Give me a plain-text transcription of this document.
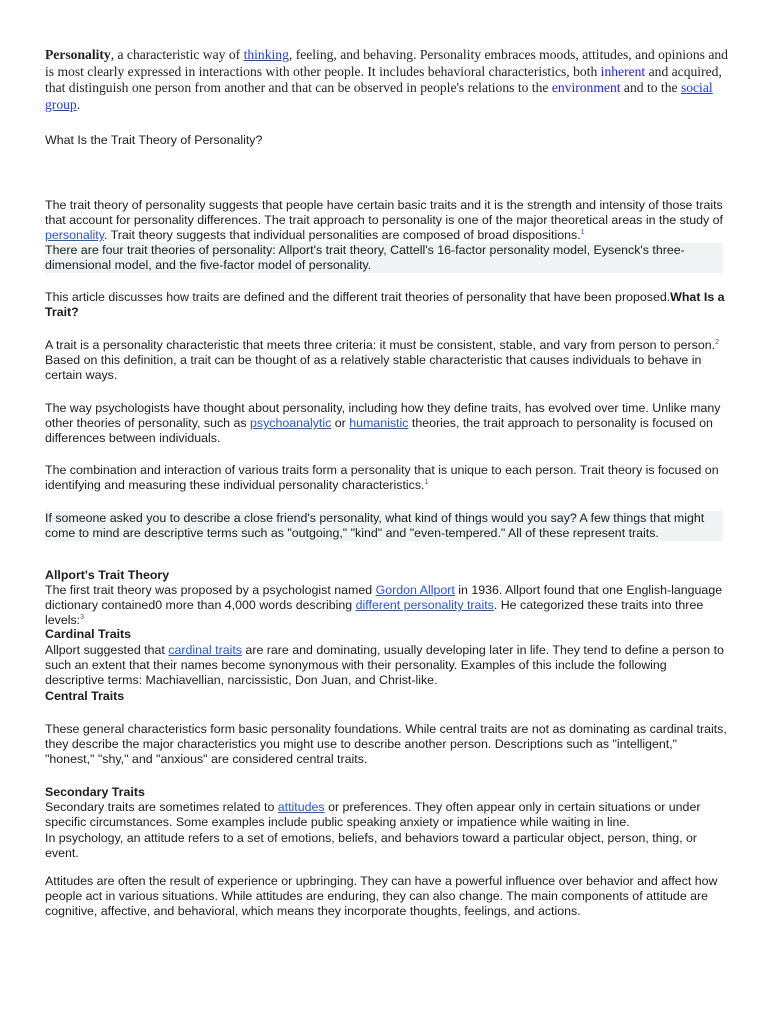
Personality, a characteristic way of thinking, feeling, and behaving. Personality embraces moods, attitudes, and opinions and is most clearly expressed in interactions with other people. It includes behavioral characteristics, both inherent and acquired, that distinguish one person from another and that can be observed in people's relations to the environment and to the social group.

What Is the Trait Theory of Personality?

The trait theory of personality suggests that people have certain basic traits and it is the strength and intensity of those traits that account for personality differences. The trait approach to personality is one of the major theoretical areas in the study of personality. Trait theory suggests that individual personalities are composed of broad dispositions.$^1$

There are four trait theories of personality: Allport's trait theory, Cattell's 16-factor personality model, Eysenck's three-dimensional model, and the five-factor model of personality.

This article discusses how traits are defined and the different trait theories of personality that have been proposed.What Is a Trait?

A trait is a personality characteristic that meets three criteria: it must be consistent, stable, and vary from person to person.$^2$ Based on this definition, a trait can be thought of as a relatively stable characteristic that causes individuals to behave in certain ways.

The way psychologists have thought about personality, including how they define traits, has evolved over time. Unlike many other theories of personality, such as psychoanalytic or humanistic theories, the trait approach to personality is focused on differences between individuals.

The combination and interaction of various traits form a personality that is unique to each person. Trait theory is focused on identifying and measuring these individual personality characteristics.$^1$

If someone asked you to describe a close friend's personality, what kind of things would you say? A few things that might come to mind are descriptive terms such as "outgoing," "kind" and "even-tempered." All of these represent traits.

Allport's Trait Theory

The first trait theory was proposed by a psychologist named Gordon Allport in 1936. Allport found that one English-language dictionary contained0 more than 4,000 words describing different personality traits. He categorized these traits into three levels:$^3$

Cardinal Traits

Allport suggested that cardinal traits are rare and dominating, usually developing later in life. They tend to define a person to such an extent that their names become synonymous with their personality. Examples of this include the following descriptive terms: Machiavellian, narcissistic, Don Juan, and Christ-like.

Central Traits

These general characteristics form basic personality foundations. While central traits are not as dominating as cardinal traits, they describe the major characteristics you might use to describe another person. Descriptions such as "intelligent," "honest," "shy," and "anxious" are considered central traits.

Secondary Traits

Secondary traits are sometimes related to attitudes or preferences. They often appear only in certain situations or under specific circumstances. Some examples include public speaking anxiety or impatience while waiting in line.

In psychology, an attitude refers to a set of emotions, beliefs, and behaviors toward a particular object, person, thing, or event.

Attitudes are often the result of experience or upbringing. They can have a powerful influence over behavior and affect how people act in various situations. While attitudes are enduring, they can also change. The main components of attitude are cognitive, affective, and behavioral, which means they incorporate thoughts, feelings, and actions.
